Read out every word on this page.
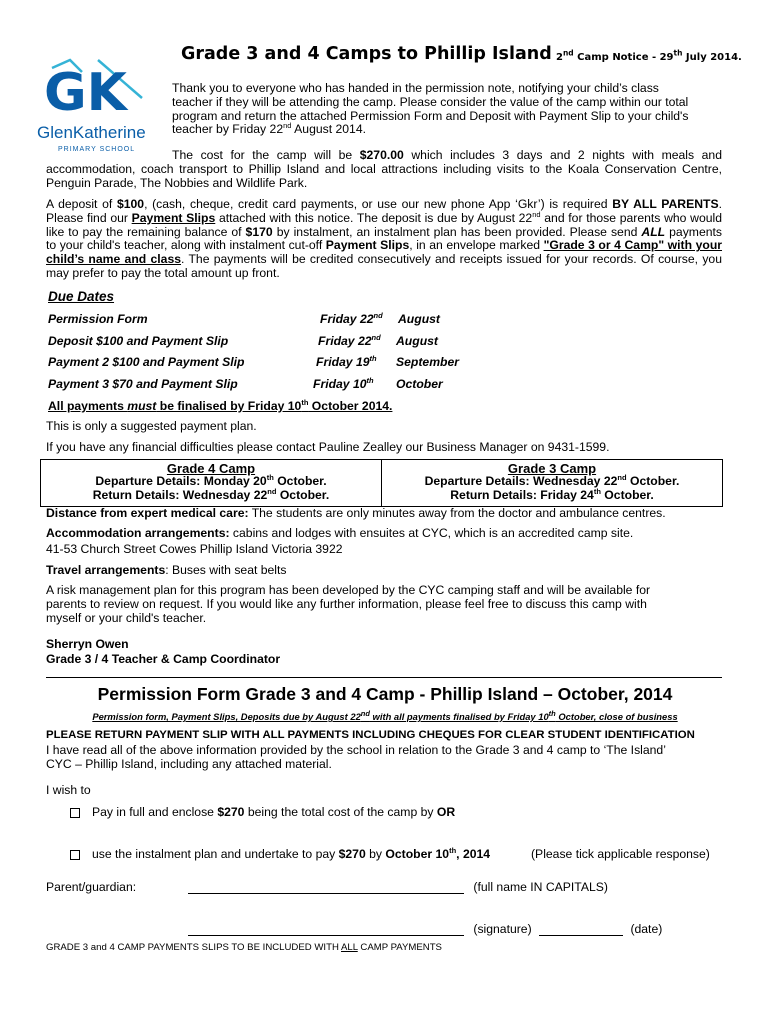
Grade 3 and 4 Camps to Phillip Island 2nd Camp Notice - 29th July 2014.
GK
GlenKatherine
PRIMARY SCHOOL
Thank you to everyone who has handed in the permission note, notifying your child’s class
teacher if they will be attending the camp. Please consider the value of the camp within our total
program and return the attached Permission Form and Deposit with Payment Slip to your child's
teacher by Friday 22nd August 2014.
The cost for the camp will be $270.00 which includes 3 days and 2 nights with meals and accommodation, coach transport to Phillip Island and local attractions including visits to the Koala Conservation Centre, Penguin Parade, The Nobbies and Wildlife Park.
A deposit of $100, (cash, cheque, credit card payments, or use our new phone App ‘Gkr’) is required BY ALL PARENTS. Please find our Payment Slips attached with this notice. The deposit is due by August 22nd and for those parents who would like to pay the remaining balance of $170 by instalment, an instalment plan has been provided. Please send ALL payments to your child's teacher, along with instalment cut-off Payment Slips, in an envelope marked "Grade 3 or 4 Camp" with your child’s name and class. The payments will be credited consecutively and receipts issued for your records. Of course, you may prefer to pay the total amount up front.
Due Dates
Permission Form	Friday 22nd August
Deposit $100 and Payment Slip	Friday 22nd August
Payment 2 $100 and Payment Slip	Friday 19th September
Payment 3 $70 and Payment Slip	Friday 10th October
All payments must be finalised by Friday 10th October 2014.
This is only a suggested payment plan.
If you have any financial difficulties please contact Pauline Zealley our Business Manager on 9431-1599.
Grade 4 Camp
Departure Details: Monday 20th October.
Return Details: Wednesday 22nd October.
Grade 3 Camp
Departure Details: Wednesday 22nd October.
Return Details: Friday 24th October.
Distance from expert medical care: The students are only minutes away from the doctor and ambulance centres.
Accommodation arrangements: cabins and lodges with ensuites at CYC, which is an accredited camp site.
41-53 Church Street Cowes Phillip Island Victoria 3922
Travel arrangements: Buses with seat belts
A risk management plan for this program has been developed by the CYC camping staff and will be available for
parents to review on request. If you would like any further information, please feel free to discuss this camp with
myself or your child's teacher.
Sherryn Owen
Grade 3 / 4 Teacher & Camp Coordinator
Permission Form Grade 3 and 4 Camp - Phillip Island – October, 2014
Permission form, Payment Slips, Deposits due by August 22nd with all payments finalised by Friday 10th October, close of business
PLEASE RETURN PAYMENT SLIP WITH ALL PAYMENTS INCLUDING CHEQUES FOR CLEAR STUDENT IDENTIFICATION
I have read all of the above information provided by the school in relation to the Grade 3 and 4 camp to ‘The Island’
CYC – Phillip Island, including any attached material.
I wish to
Pay in full and enclose $270 being the total cost of the camp by OR
use the instalment plan and undertake to pay $270 by October 10th, 2014	(Please tick applicable response)
Parent/guardian:	(full name IN CAPITALS)
(signature)	(date)
GRADE 3 and 4 CAMP PAYMENTS SLIPS TO BE INCLUDED WITH ALL CAMP PAYMENTS
